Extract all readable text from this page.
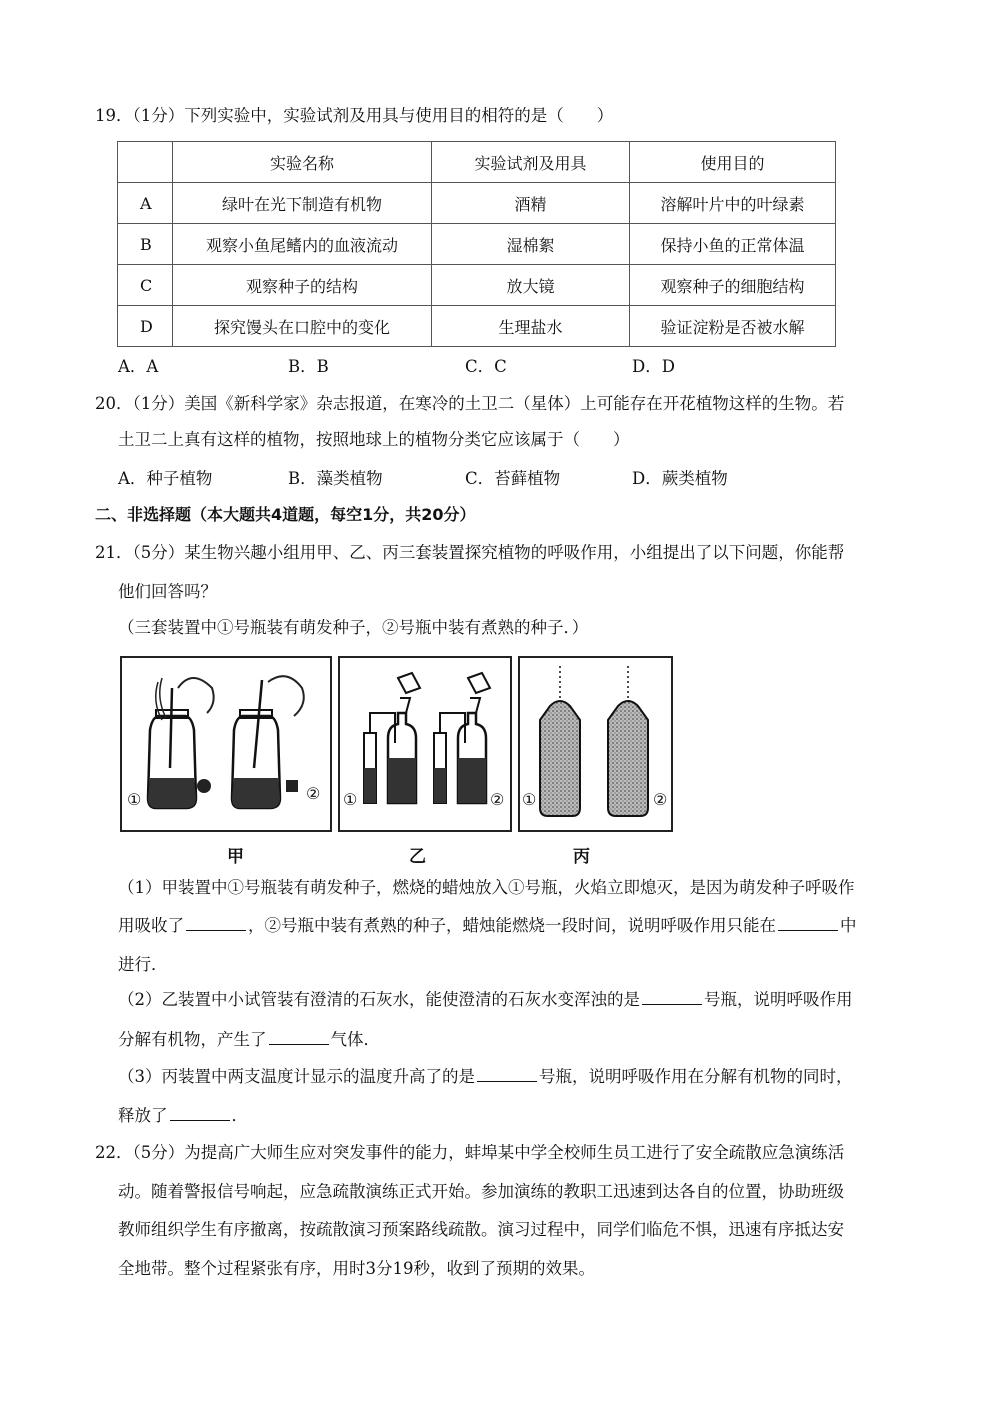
19．（1分）下列实验中，实验试剂及用具与使用目的相符的是（　　）
	实验名称	实验试剂及用具	使用目的
A	绿叶在光下制造有机物	酒精	溶解叶片中的叶绿素
B	观察小鱼尾鳍内的血液流动	湿棉絮	保持小鱼的正常体温
C	观察种子的结构	放大镜	观察种子的细胞结构
D	探究馒头在口腔中的变化	生理盐水	验证淀粉是否被水解
A．A	B．B	C．C	D．D
20．（1分）美国《新科学家》杂志报道，在寒冷的土卫二（星体）上可能存在开花植物这样的生物。若
土卫二上真有这样的植物，按照地球上的植物分类它应该属于（　　）
A．种子植物	B．藻类植物	C．苔藓植物	D．蕨类植物
二、非选择题（本大题共4道题，每空1分，共20分）
21．（5分）某生物兴趣小组用甲、乙、丙三套装置探究植物的呼吸作用，小组提出了以下问题，你能帮
他们回答吗？
（三套装置中①号瓶装有萌发种子，②号瓶中装有煮熟的种子．）
①	② ①	② ①	②
甲	乙	丙
（1）甲装置中①号瓶装有萌发种子，燃烧的蜡烛放入①号瓶，火焰立即熄灭，是因为萌发种子呼吸作
用吸收了	，②号瓶中装有煮熟的种子，蜡烛能燃烧一段时间，说明呼吸作用只能在	中
进行．
（2）乙装置中小试管装有澄清的石灰水，能使澄清的石灰水变浑浊的是	号瓶，说明呼吸作用
分解有机物，产生了	气体．
（3）丙装置中两支温度计显示的温度升高了的是	号瓶，说明呼吸作用在分解有机物的同时，
释放了	．
22．（5分）为提高广大师生应对突发事件的能力，蚌埠某中学全校师生员工进行了安全疏散应急演练活
动。随着警报信号响起，应急疏散演练正式开始。参加演练的教职工迅速到达各自的位置，协助班级
教师组织学生有序撤离，按疏散演习预案路线疏散。演习过程中，同学们临危不惧，迅速有序抵达安
全地带。整个过程紧张有序，用时3分19秒，收到了预期的效果。
